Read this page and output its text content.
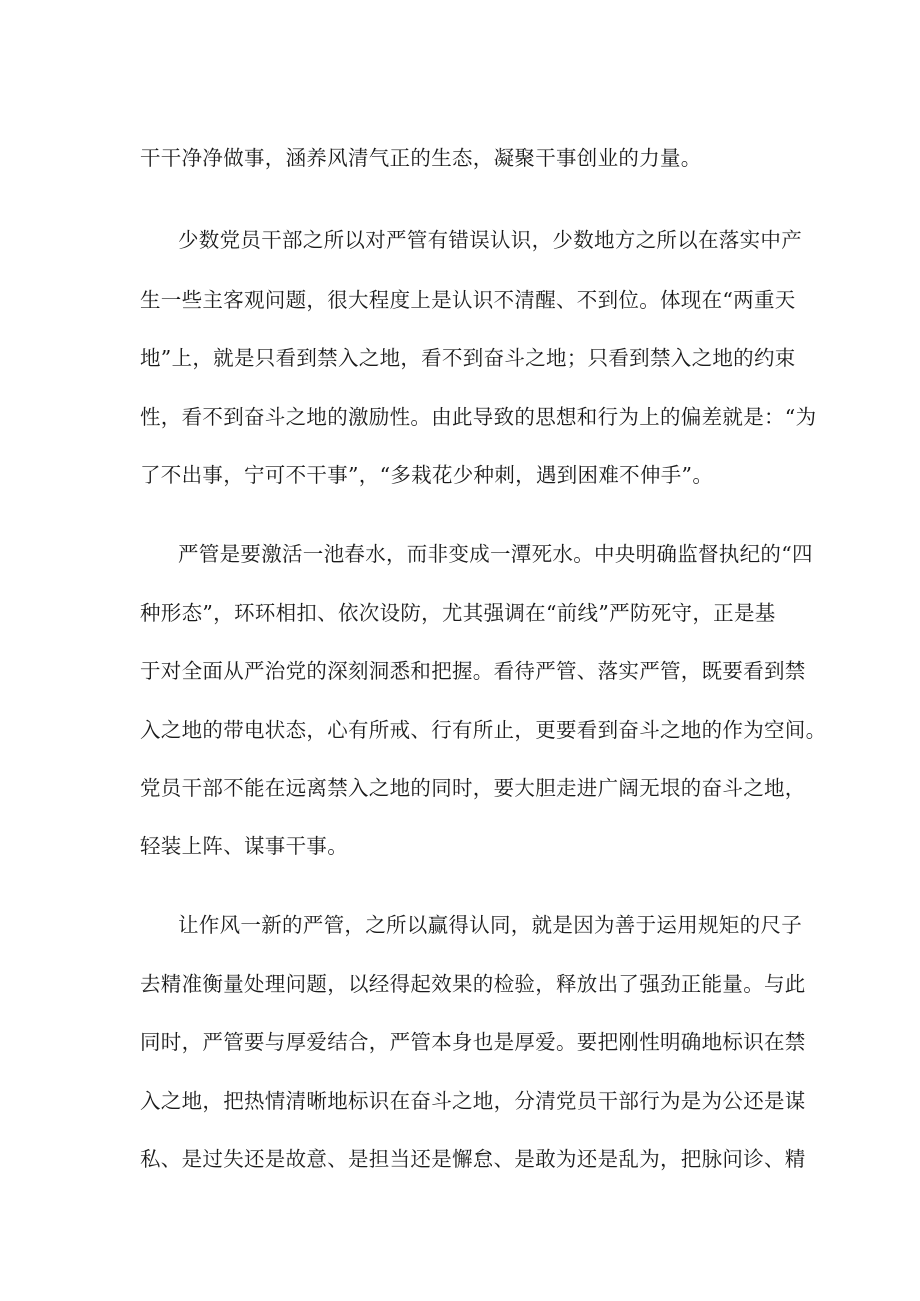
干干净净做事，涵养风清气正的生态，凝聚干事创业的力量。
少数党员干部之所以对严管有错误认识，少数地方之所以在落实中产
生一些主客观问题，很大程度上是认识不清醒、不到位。体现在“两重天
地”上，就是只看到禁入之地，看不到奋斗之地；只看到禁入之地的约束
性，看不到奋斗之地的激励性。由此导致的思想和行为上的偏差就是：“为
了不出事，宁可不干事”，“多栽花少种刺，遇到困难不伸手”。
严管是要激活一池春水，而非变成一潭死水。中央明确监督执纪的“四
种形态”，环环相扣、依次设防，尤其强调在“前线”严防死守，正是基
于对全面从严治党的深刻洞悉和把握。看待严管、落实严管，既要看到禁
入之地的带电状态，心有所戒、行有所止，更要看到奋斗之地的作为空间。
党员干部不能在远离禁入之地的同时，要大胆走进广阔无垠的奋斗之地，
轻装上阵、谋事干事。
让作风一新的严管，之所以赢得认同，就是因为善于运用规矩的尺子
去精准衡量处理问题，以经得起效果的检验，释放出了强劲正能量。与此
同时，严管要与厚爱结合，严管本身也是厚爱。要把刚性明确地标识在禁
入之地，把热情清晰地标识在奋斗之地，分清党员干部行为是为公还是谋
私、是过失还是故意、是担当还是懈怠、是敢为还是乱为，把脉问诊、精
